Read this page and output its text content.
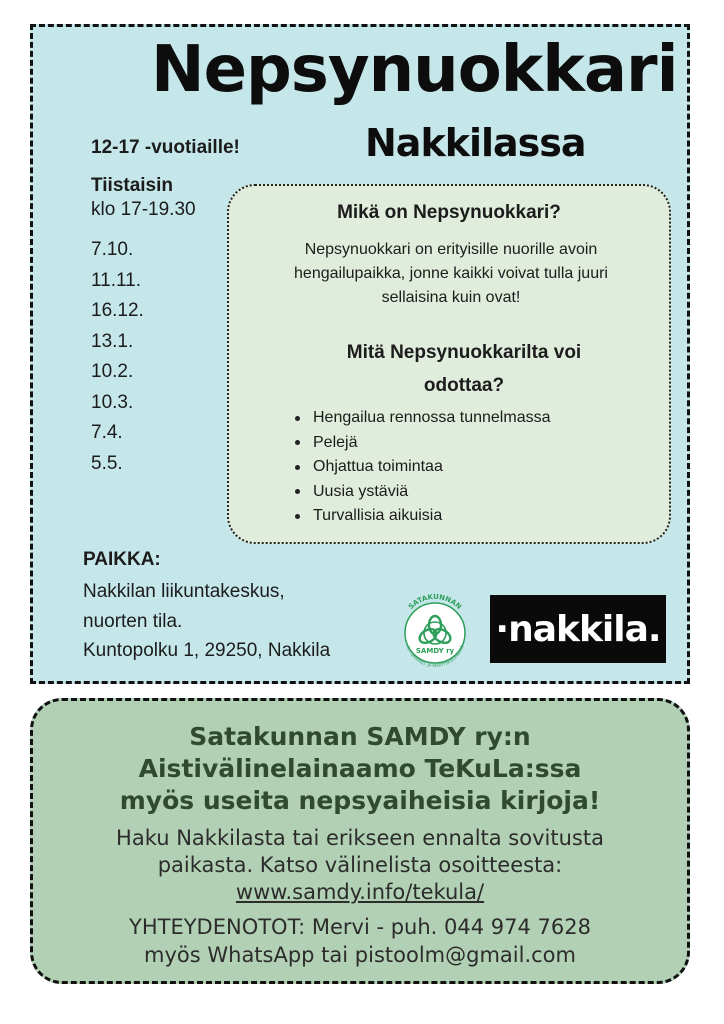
Nepsynuokkari
Nakkilassa
12-17 -vuotiaille!
Tiistaisin
klo 17-19.30
7.10.
11.11.
16.12.
13.1.
10.2.
10.3.
7.4.
5.5.
Mikä on Nepsynuokkari?
Nepsynuokkari on erityisille nuorille avoin hengailupaikka, jonne kaikki voivat tulla juuri sellaisina kuin ovat!
Mitä Nepsynuokkarilta voi odottaa?
Hengailua rennossa tunnelmassa
Pelejä
Ohjattua toimintaa
Uusia ystäviä
Turvallisia aikuisia
PAIKKA:
Nakkilan liikuntakeskus,
nuorten tila.
Kuntopolku 1, 29250, Nakkila
SATAKUNNAN
AUTISMIKIRJO- JA KEHITYSKIELIHAIRIÖ
SAMDY ry
·nakkila.
Satakunnan SAMDY ry:n
Aistivälinelainaamo TeKuLa:ssa
myös useita nepsyaiheisia kirjoja!
Haku Nakkilasta tai erikseen ennalta sovitusta
paikasta. Katso välinelista osoitteesta:
www.samdy.info/tekula/
YHTEYDENOTOT: Mervi - puh. 044 974 7628
myös WhatsApp tai pistoolm@gmail.com
